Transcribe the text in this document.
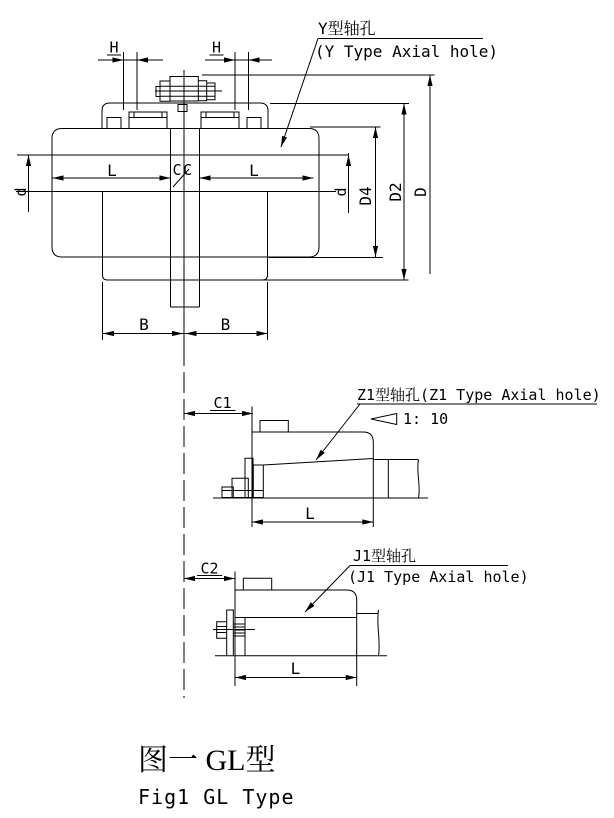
H	H
Y型轴孔
(Y Type Axial hole)
L	CC	L
d	d D4 D2 D
B	B
C1	Z1型轴孔(Z1 Type Axial hole)
1: 10
L
C2
J1型轴孔
(J1 Type Axial hole)
L
图一 GL型
Fig1 GL Type
